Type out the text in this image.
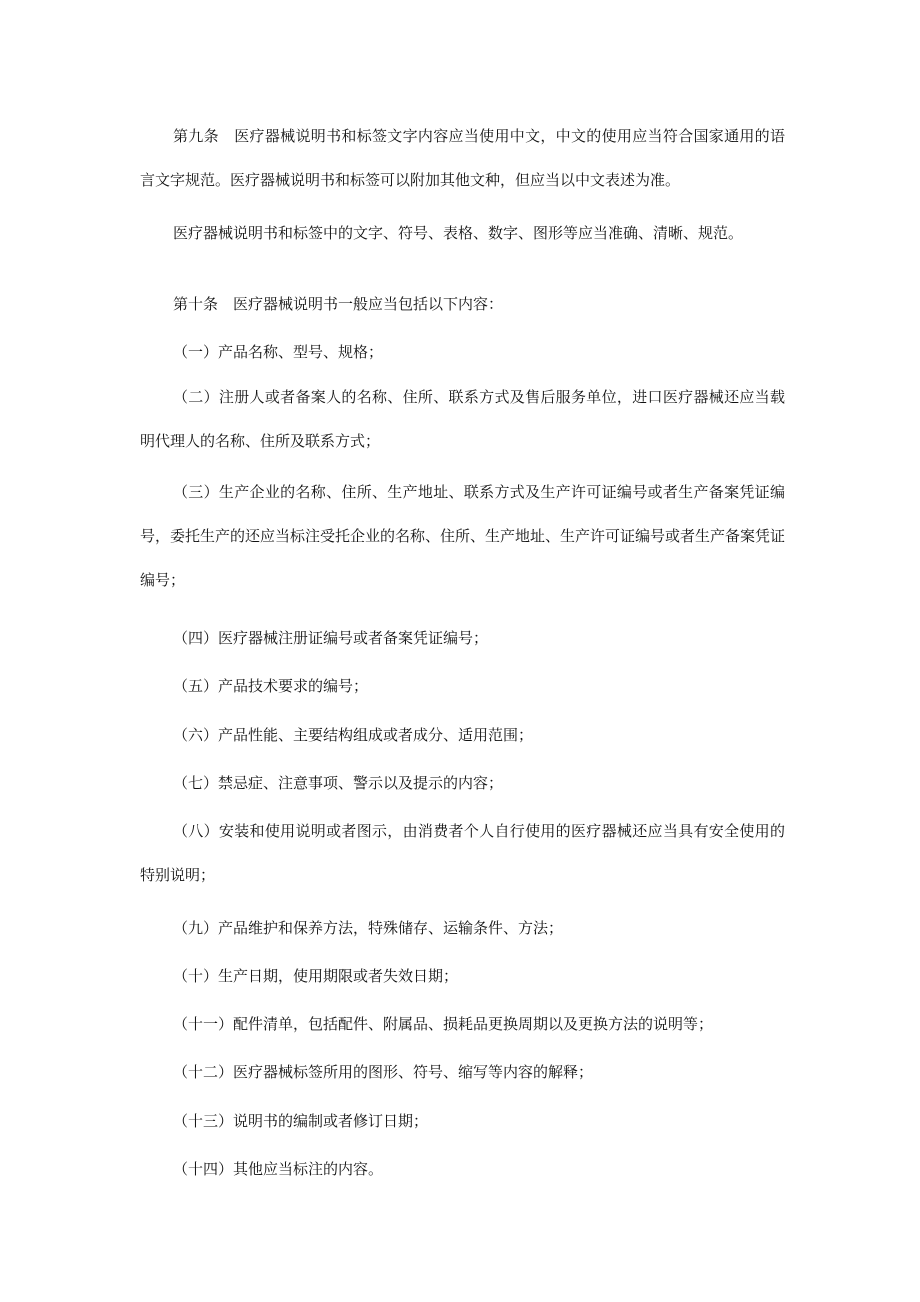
第九条　医疗器械说明书和标签文字内容应当使用中文，中文的使用应当符合国家通用的语言文字规范。医疗器械说明书和标签可以附加其他文种，但应当以中文表述为准。

医疗器械说明书和标签中的文字、符号、表格、数字、图形等应当准确、清晰、规范。

第十条　医疗器械说明书一般应当包括以下内容：

（一）产品名称、型号、规格；

（二）注册人或者备案人的名称、住所、联系方式及售后服务单位，进口医疗器械还应当载明代理人的名称、住所及联系方式；

（三）生产企业的名称、住所、生产地址、联系方式及生产许可证编号或者生产备案凭证编号，委托生产的还应当标注受托企业的名称、住所、生产地址、生产许可证编号或者生产备案凭证编号；

（四）医疗器械注册证编号或者备案凭证编号；

（五）产品技术要求的编号；

（六）产品性能、主要结构组成或者成分、适用范围；

（七）禁忌症、注意事项、警示以及提示的内容；

（八）安装和使用说明或者图示，由消费者个人自行使用的医疗器械还应当具有安全使用的特别说明；

（九）产品维护和保养方法，特殊储存、运输条件、方法；

（十）生产日期，使用期限或者失效日期；

（十一）配件清单，包括配件、附属品、损耗品更换周期以及更换方法的说明等；

（十二）医疗器械标签所用的图形、符号、缩写等内容的解释；

（十三）说明书的编制或者修订日期；

（十四）其他应当标注的内容。
